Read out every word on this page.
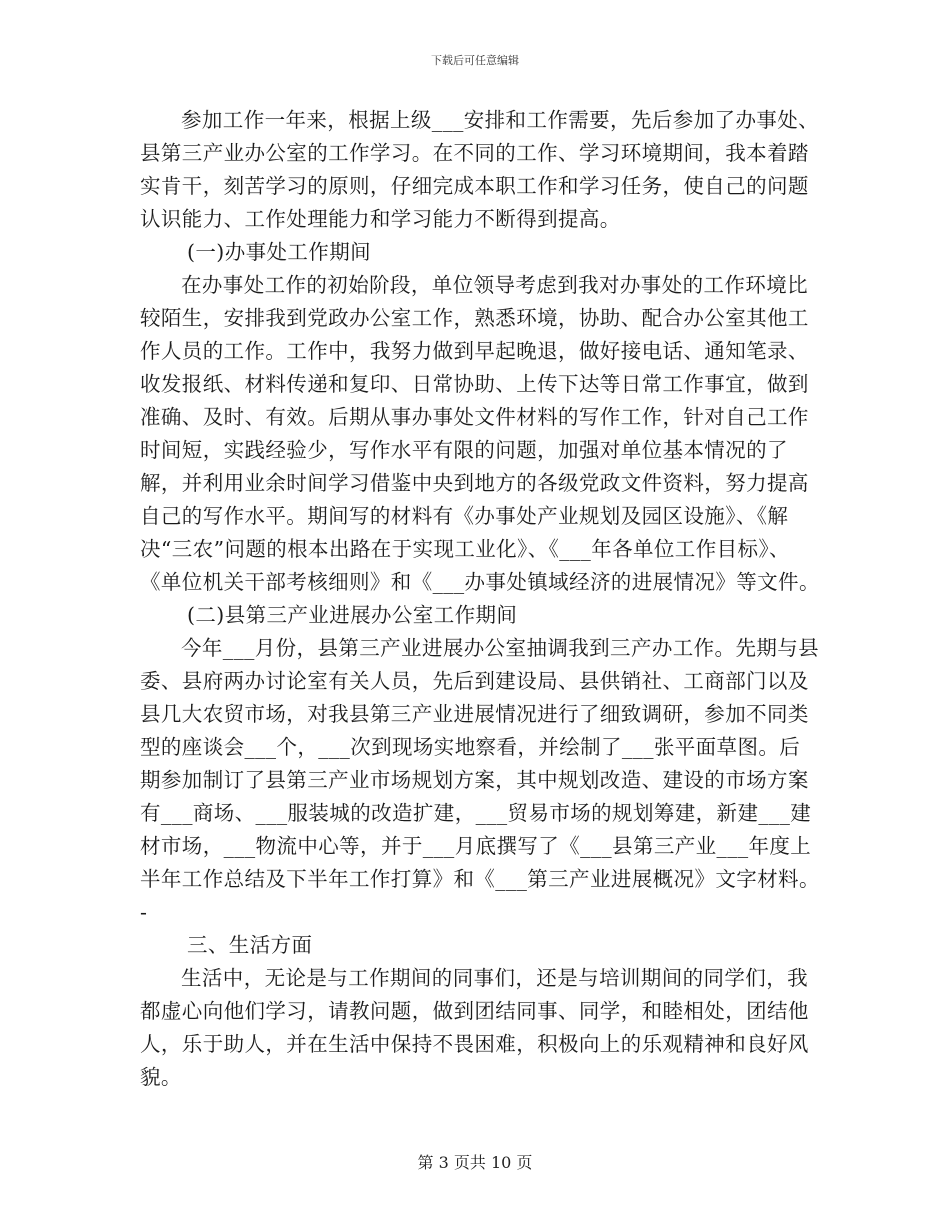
下载后可任意编辑

参加工作一年来，根据上级___安排和工作需要，先后参加了办事处、县第三产业办公室的工作学习。在不同的工作、学习环境期间，我本着踏实肯干，刻苦学习的原则，仔细完成本职工作和学习任务，使自己的问题认识能力、工作处理能力和学习能力不断得到提高。

(一)办事处工作期间

在办事处工作的初始阶段，单位领导考虑到我对办事处的工作环境比较陌生，安排我到党政办公室工作，熟悉环境，协助、配合办公室其他工作人员的工作。工作中，我努力做到早起晚退，做好接电话、通知笔录、收发报纸、材料传递和复印、日常协助、上传下达等日常工作事宜，做到准确、及时、有效。后期从事办事处文件材料的写作工作，针对自己工作时间短，实践经验少，写作水平有限的问题，加强对单位基本情况的了解，并利用业余时间学习借鉴中央到地方的各级党政文件资料，努力提高自己的写作水平。期间写的材料有《办事处产业规划及园区设施》、《解决“三农”问题的根本出路在于实现工业化》、《___年各单位工作目标》、《单位机关干部考核细则》和《___办事处镇域经济的进展情况》等文件。

(二)县第三产业进展办公室工作期间

今年___月份，县第三产业进展办公室抽调我到三产办工作。先期与县委、县府两办讨论室有关人员，先后到建设局、县供销社、工商部门以及县几大农贸市场，对我县第三产业进展情况进行了细致调研，参加不同类型的座谈会___个，___次到现场实地察看，并绘制了___张平面草图。后期参加制订了县第三产业市场规划方案，其中规划改造、建设的市场方案有___商场、___服装城的改造扩建，___贸易市场的规划筹建，新建___建材市场，___物流中心等，并于___月底撰写了《___县第三产业___年度上半年工作总结及下半年工作打算》和《___第三产业进展概况》文字材料。-

三、生活方面

生活中，无论是与工作期间的同事们，还是与培训期间的同学们，我都虚心向他们学习，请教问题，做到团结同事、同学，和睦相处，团结他人，乐于助人，并在生活中保持不畏困难，积极向上的乐观精神和良好风貌。

第 3 页共 10 页
